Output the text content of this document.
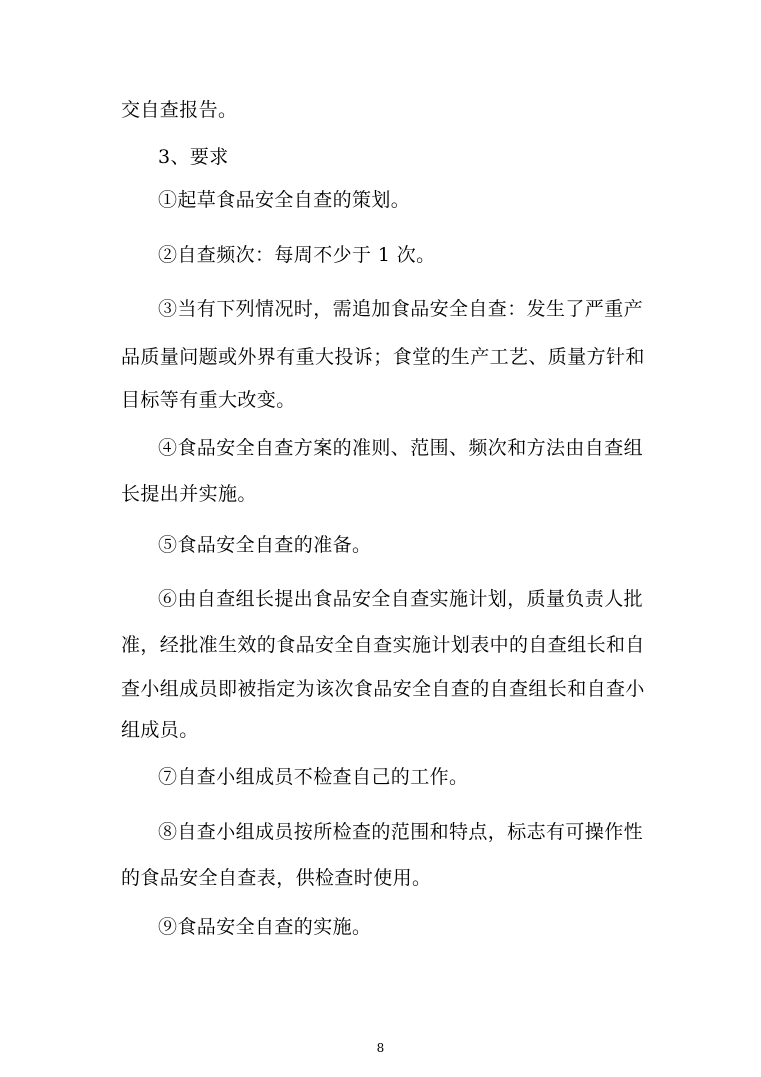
交自查报告。
3、要求
①起草食品安全自查的策划。
②自查频次：每周不少于 1 次。
③当有下列情况时，需追加食品安全自查：发生了严重产
品质量问题或外界有重大投诉；食堂的生产工艺、质量方针和
目标等有重大改变。
④食品安全自查方案的准则、范围、频次和方法由自查组
长提出并实施。
⑤食品安全自查的准备。
⑥由自查组长提出食品安全自查实施计划，质量负责人批
准，经批准生效的食品安全自查实施计划表中的自查组长和自
查小组成员即被指定为该次食品安全自查的自查组长和自查小
组成员。
⑦自查小组成员不检查自己的工作。
⑧自查小组成员按所检查的范围和特点，标志有可操作性
的食品安全自查表，供检查时使用。
⑨食品安全自查的实施。
8
